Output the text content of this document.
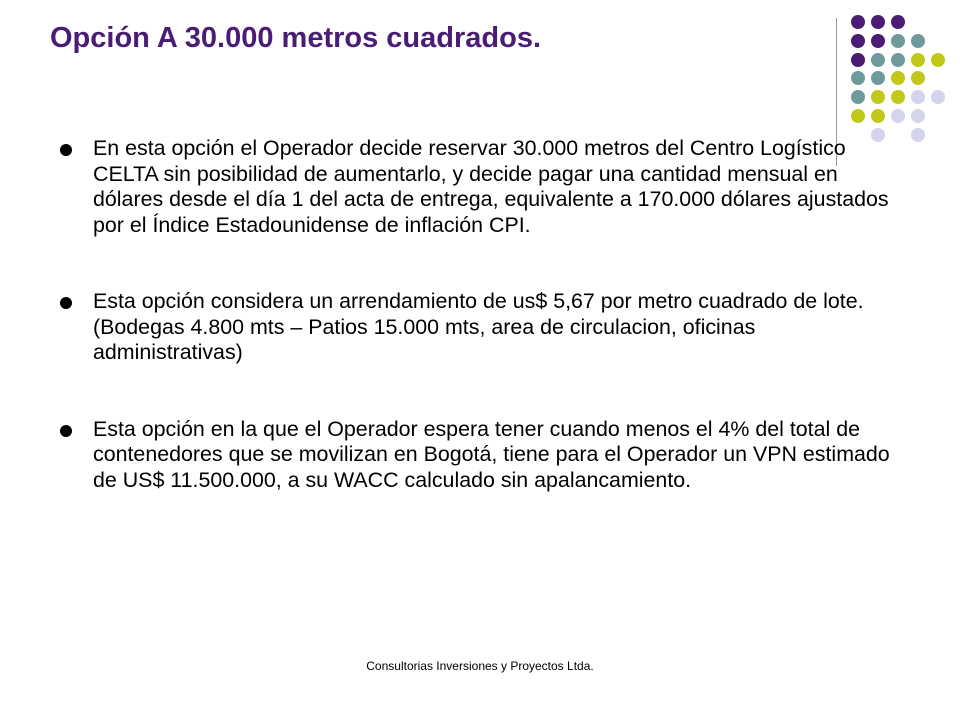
Opción A 30.000 metros cuadrados.
En esta opción el Operador decide reservar 30.000 metros del Centro Logístico CELTA sin posibilidad de aumentarlo, y decide pagar una cantidad mensual en dólares desde el día 1 del acta de entrega, equivalente a 170.000 dólares ajustados por el Índice Estadounidense de inflación CPI.
Esta opción considera un arrendamiento de us$ 5,67 por metro cuadrado de lote. (Bodegas 4.800 mts – Patios 15.000 mts, area de circulacion, oficinas administrativas)
Esta opción en la que el Operador espera tener cuando menos el 4% del total de contenedores que se movilizan en Bogotá, tiene para el Operador un VPN estimado de US$ 11.500.000, a su WACC calculado sin apalancamiento.
Consultorias Inversiones y Proyectos Ltda.
